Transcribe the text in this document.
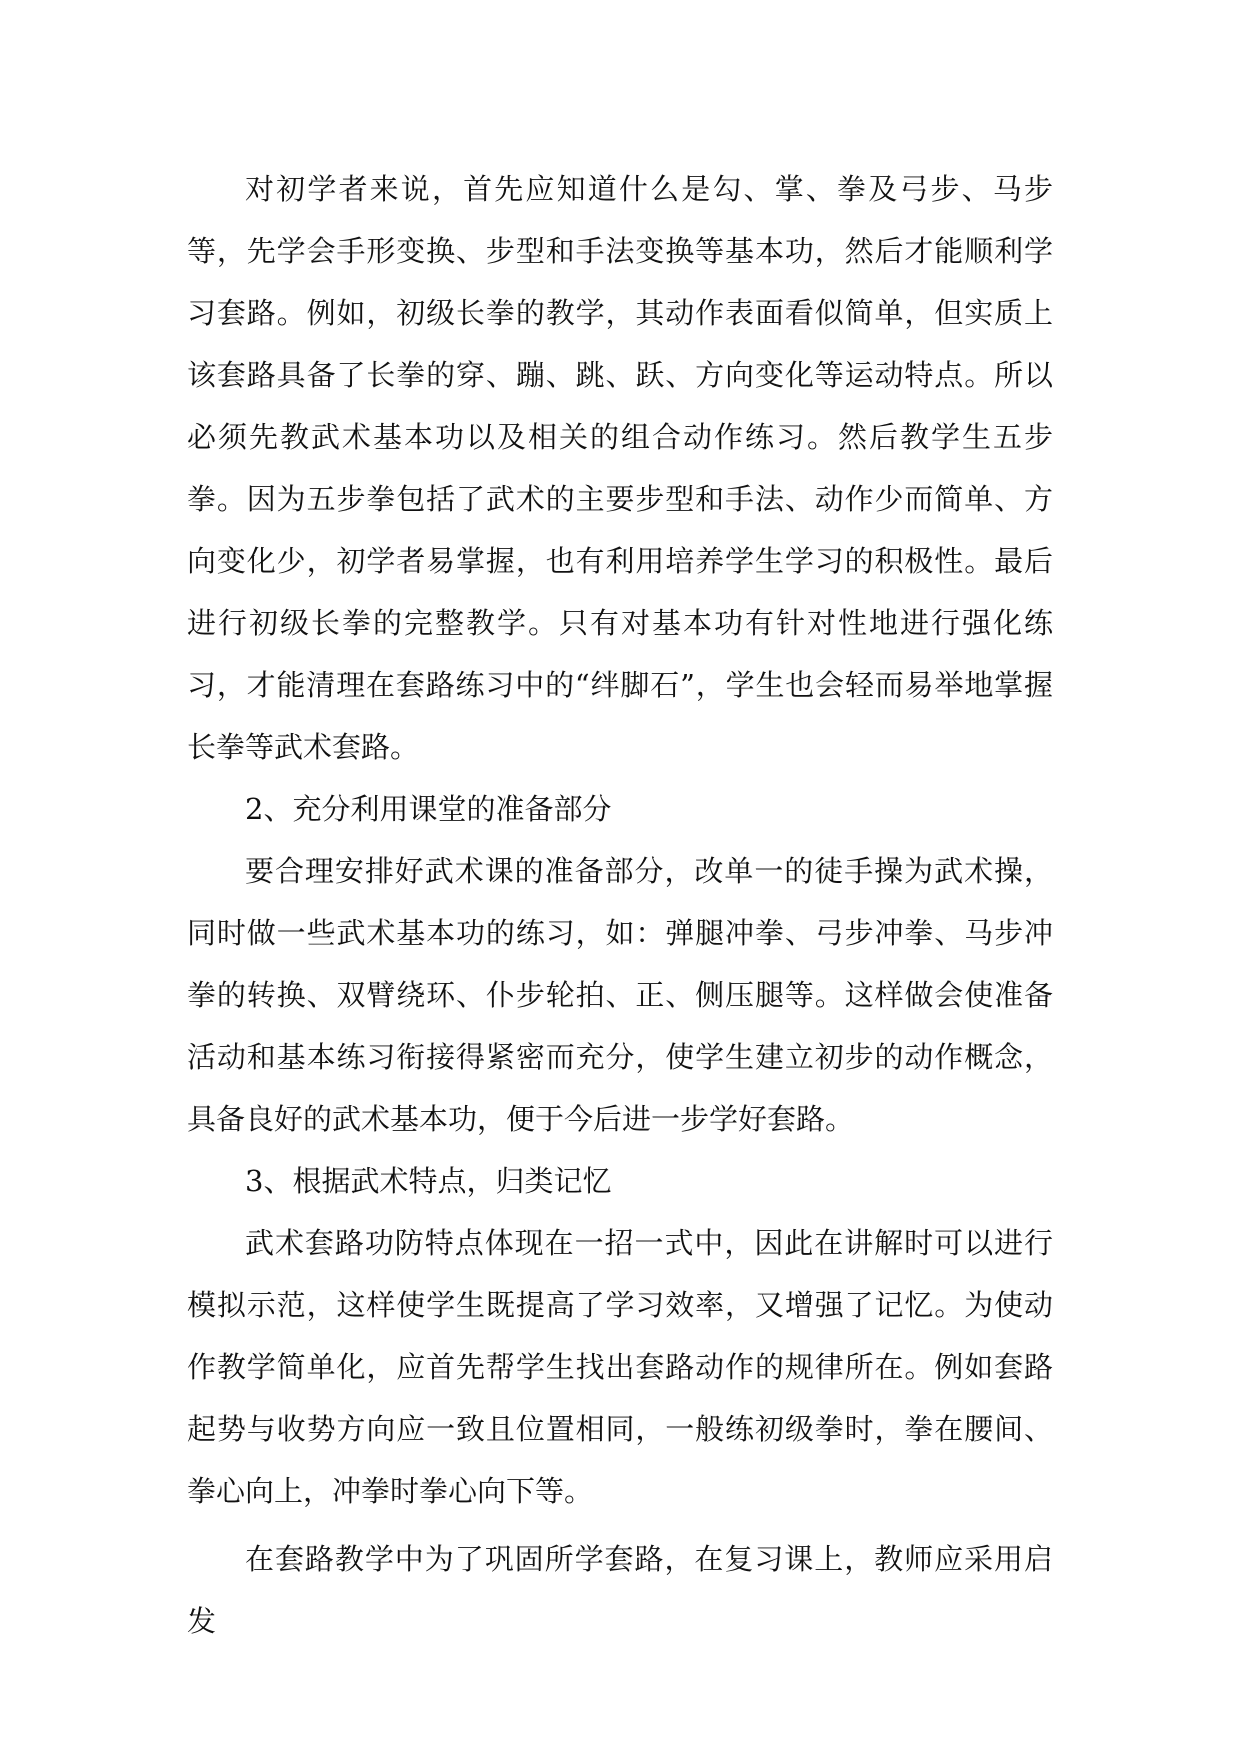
对初学者来说，首先应知道什么是勾、掌、拳及弓步、马步等，先学会手形变换、步型和手法变换等基本功，然后才能顺利学习套路。例如，初级长拳的教学，其动作表面看似简单，但实质上该套路具备了长拳的穿、蹦、跳、跃、方向变化等运动特点。所以必须先教武术基本功以及相关的组合动作练习。然后教学生五步拳。因为五步拳包括了武术的主要步型和手法、动作少而简单、方向变化少，初学者易掌握，也有利用培养学生学习的积极性。最后进行初级长拳的完整教学。只有对基本功有针对性地进行强化练习，才能清理在套路练习中的“绊脚石”，学生也会轻而易举地掌握长拳等武术套路。

2、充分利用课堂的准备部分

要合理安排好武术课的准备部分，改单一的徒手操为武术操，同时做一些武术基本功的练习，如：弹腿冲拳、弓步冲拳、马步冲拳的转换、双臂绕环、仆步轮拍、正、侧压腿等。这样做会使准备活动和基本练习衔接得紧密而充分，使学生建立初步的动作概念，具备良好的武术基本功，便于今后进一步学好套路。

3、根据武术特点，归类记忆

武术套路功防特点体现在一招一式中，因此在讲解时可以进行模拟示范，这样使学生既提高了学习效率，又增强了记忆。为使动作教学简单化，应首先帮学生找出套路动作的规律所在。例如套路起势与收势方向应一致且位置相同，一般练初级拳时，拳在腰间、拳心向上，冲拳时拳心向下等。

在套路教学中为了巩固所学套路，在复习课上，教师应采用启发
